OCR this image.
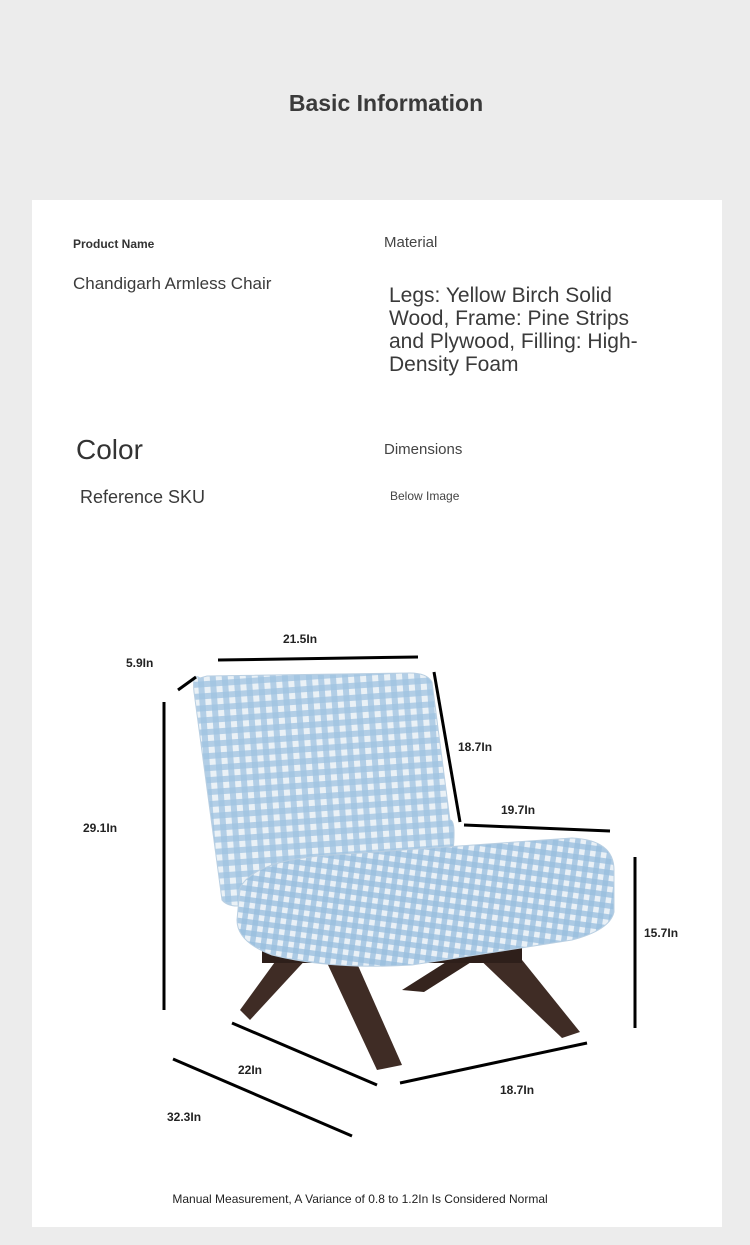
Basic Information
Product Name
Chandigarh Armless Chair
Material
Legs: Yellow Birch Solid Wood, Frame: Pine Strips and Plywood, Filling: High-Density Foam
Color
Reference SKU
Dimensions
Below Image
21.5In
5.9In
29.1In
18.7In
19.7In
15.7In
22In
18.7In
32.3In
Manual Measurement, A Variance of 0.8 to 1.2In Is Considered Normal
